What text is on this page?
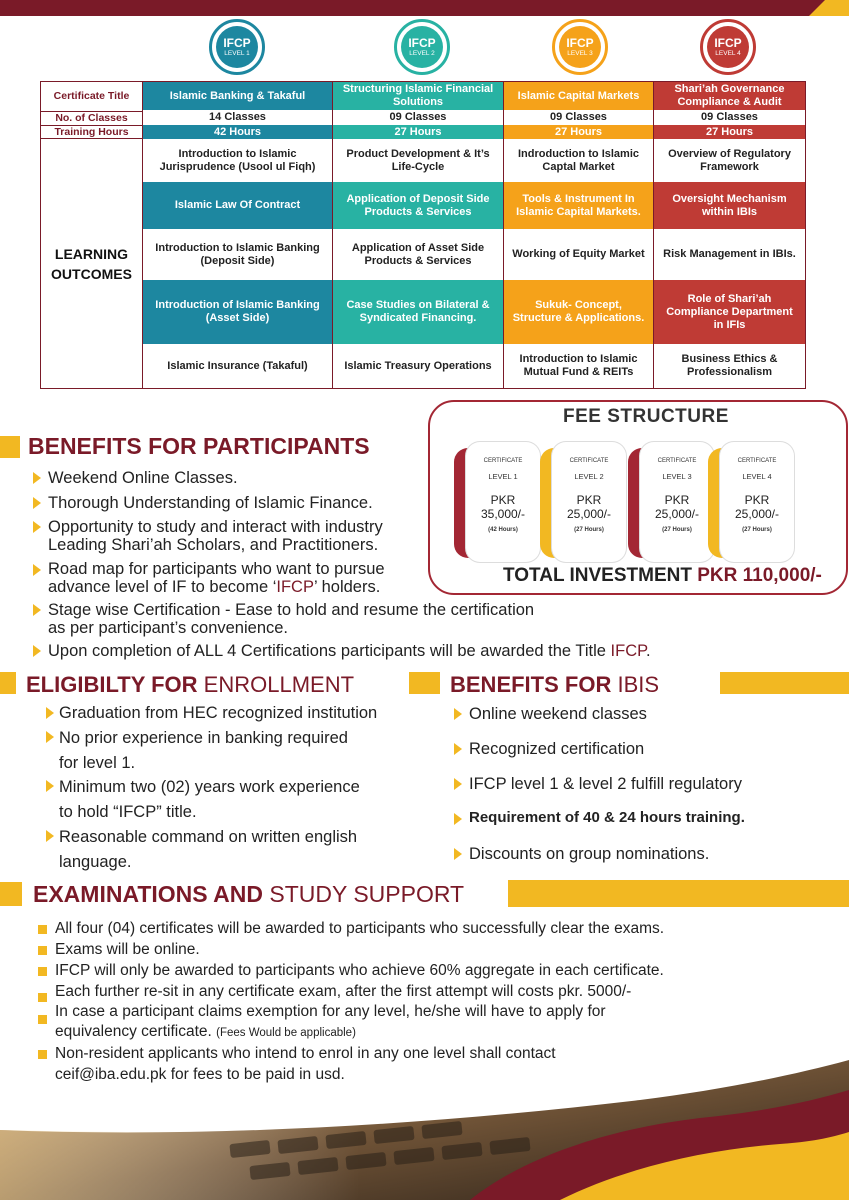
IFCP
LEVEL 1
IFCP
LEVEL 2
IFCP
LEVEL 3
IFCP
LEVEL 4
Certificate Title
No. of Classes
Training Hours
LEARNING
OUTCOMES
Islamic Banking & Takaful
14 Classes
42 Hours
Introduction to Islamic Jurisprudence (Usool ul Fiqh)
Islamic Law Of Contract
Introduction to Islamic Banking (Deposit Side)
Introduction of Islamic Banking (Asset Side)
Islamic Insurance (Takaful)
Structuring Islamic Financial Solutions
09 Classes
27 Hours
Product Development & It’s Life-Cycle
Application of Deposit Side Products & Services
Application of Asset Side Products & Services
Case Studies on Bilateral & Syndicated Financing.
Islamic Treasury Operations
Islamic Capital Markets
09 Classes
27 Hours
Indroduction to Islamic Captal Market
Tools & Instrument In Islamic Capital Markets.
Working of Equity Market
Sukuk- Concept, Structure & Applications.
Introduction to Islamic Mutual Fund & REITs
Shari’ah Governance Compliance & Audit
09 Classes
27 Hours
Overview of Regulatory Framework
Oversight Mechanism within IBIs
Risk Management in IBIs.
Role of Shari’ah Compliance Department in IFIs
Business Ethics & Professionalism
BENEFITS FOR PARTICIPANTS
Weekend Online Classes.
Thorough Understanding of Islamic Finance.
Opportunity to study and interact with industry
Leading Shari’ah Scholars, and Practitioners.
Road map for participants who want to pursue
advance level of IF to become ‘IFCP’ holders.
Stage wise Certification - Ease to hold and resume the certification
as per participant’s convenience.
Upon completion of ALL 4 Certifications participants will be awarded the Title IFCP.
FEE STRUCTURE
CERTIFICATE
LEVEL 1
PKR
35,000/-
(42 Hours)
CERTIFICATE
LEVEL 2
PKR
25,000/-
(27 Hours)
CERTIFICATE
LEVEL 3
PKR
25,000/-
(27 Hours)
CERTIFICATE
LEVEL 4
PKR
25,000/-
(27 Hours)
TOTAL INVESTMENT PKR 110,000/-
ELIGIBILTY FOR ENROLLMENT	BENEFITS FOR IBIS
Graduation from HEC recognized institution
No prior experience in banking required
for level 1.
Minimum two (02) years work experience
to hold “IFCP” title.
Reasonable command on written english
language.
Online weekend classes
Recognized certification
IFCP level 1 & level 2 fulfill regulatory
Requirement of 40 & 24 hours training.
Discounts on group nominations.
EXAMINATIONS AND STUDY SUPPORT
All four (04) certificates will be awarded to participants who successfully clear the exams.
Exams will be online.
IFCP will only be awarded to participants who achieve 60% aggregate in each certificate.
Each further re-sit in any certificate exam, after the first attempt will costs pkr. 5000/-
In case a participant claims exemption for any level, he/she will have to apply for
equivalency certificate. (Fees Would be applicable)
Non-resident applicants who intend to enrol in any one level shall contact
ceif@iba.edu.pk for fees to be paid in usd.
